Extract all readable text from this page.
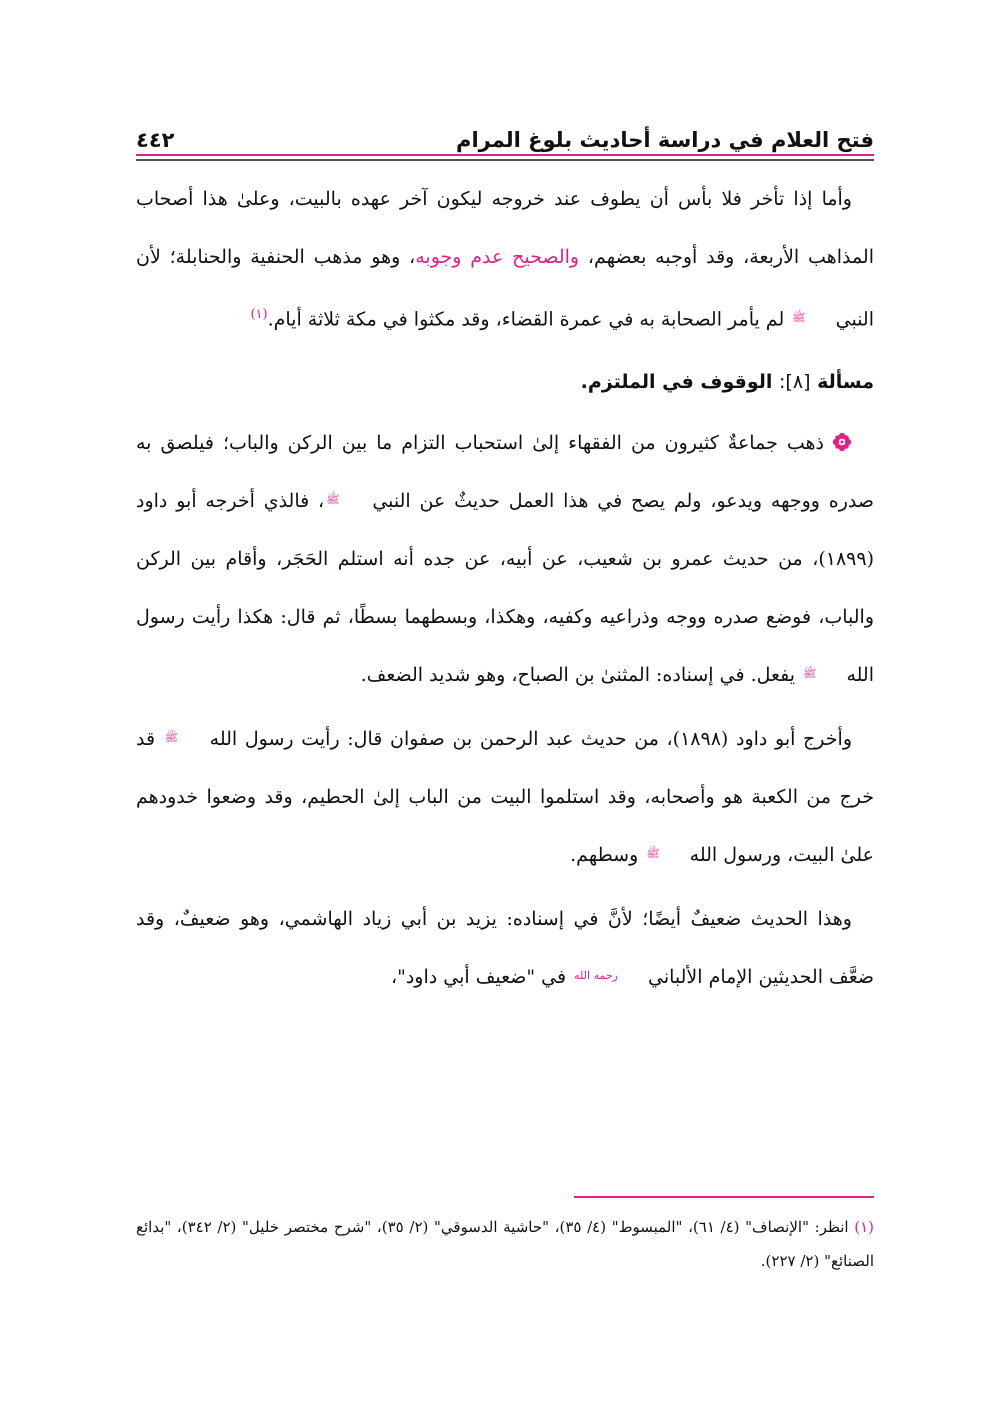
فتح العلام في دراسة أحاديث بلوغ المرام
٤٤٢

وأما إذا تأخر فلا بأس أن يطوف عند خروجه ليكون آخر عهده بالبيت، وعلىٰ هذا أصحاب المذاهب الأربعة، وقد أوجبه بعضهم، والصحيح عدم وجوبه، وهو مذهب الحنفية والحنابلة؛ لأن النبي ﷺ لم يأمر الصحابة به في عمرة القضاء، وقد مكثوا في مكة ثلاثة أيام.$^{(١)}$

مسألة [٨]: الوقوف في الملتزم.

ذهب جماعةٌ كثيرون من الفقهاء إلىٰ استحباب التزام ما بين الركن والباب؛ فيلصق به صدره ووجهه ويدعو، ولم يصح في هذا العمل حديثٌ عن النبي ﷺ، فالذي أخرجه أبو داود (١٨٩٩)، من حديث عمرو بن شعيب، عن أبيه، عن جده أنه استلم الحَجَر، وأقام بين الركن والباب، فوضع صدره ووجه وذراعيه وكفيه، وهكذا، وبسطهما بسطًا، ثم قال: هكذا رأيت رسول الله ﷺ يفعل. في إسناده: المثنىٰ بن الصباح، وهو شديد الضعف.

وأخرج أبو داود (١٨٩٨)، من حديث عبد الرحمن بن صفوان قال: رأيت رسول الله ﷺ قد خرج من الكعبة هو وأصحابه، وقد استلموا البيت من الباب إلىٰ الحطيم، وقد وضعوا خدودهم علىٰ البيت، ورسول الله ﷺ وسطهم.

وهذا الحديث ضعيفٌ أيضًا؛ لأنَّ في إسناده: يزيد بن أبي زياد الهاشمي، وهو ضعيفٌ، وقد ضعَّف الحديثين الإمام الألباني رحمه الله في "ضعيف أبي داود"،

(١) انظر: "الإنصاف" (٤/ ٦١)، "المبسوط" (٤/ ٣٥)، "حاشية الدسوقي" (٢/ ٣٥)، "شرح مختصر خليل" (٢/ ٣٤٢)، "بدائع الصنائع" (٢/ ٢٢٧).
